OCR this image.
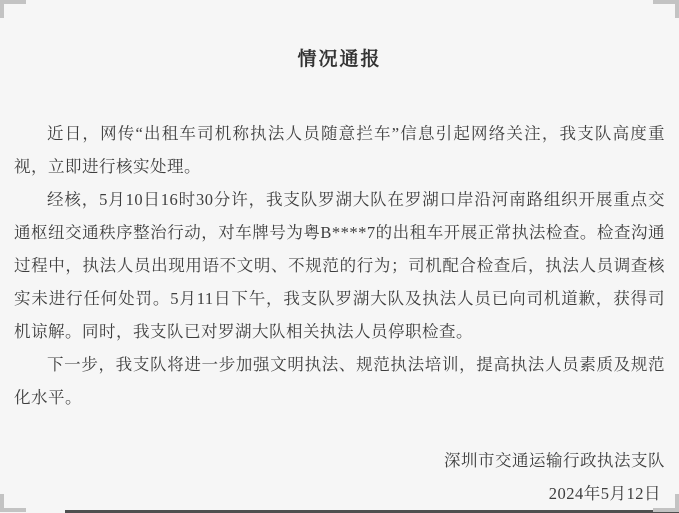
情况通报

近日，网传“出租车司机称执法人员随意拦车”信息引起网络关注，我支队高度重视，立即进行核实处理。

经核，5月10日16时30分许，我支队罗湖大队在罗湖口岸沿河南路组织开展重点交通枢纽交通秩序整治行动，对车牌号为粤B****7的出租车开展正常执法检查。检查沟通过程中，执法人员出现用语不文明、不规范的行为；司机配合检查后，执法人员调查核实未进行任何处罚。5月11日下午，我支队罗湖大队及执法人员已向司机道歉，获得司机谅解。同时，我支队已对罗湖大队相关执法人员停职检查。

下一步，我支队将进一步加强文明执法、规范执法培训，提高执法人员素质及规范化水平。

深圳市交通运输行政执法支队
2024年5月12日
